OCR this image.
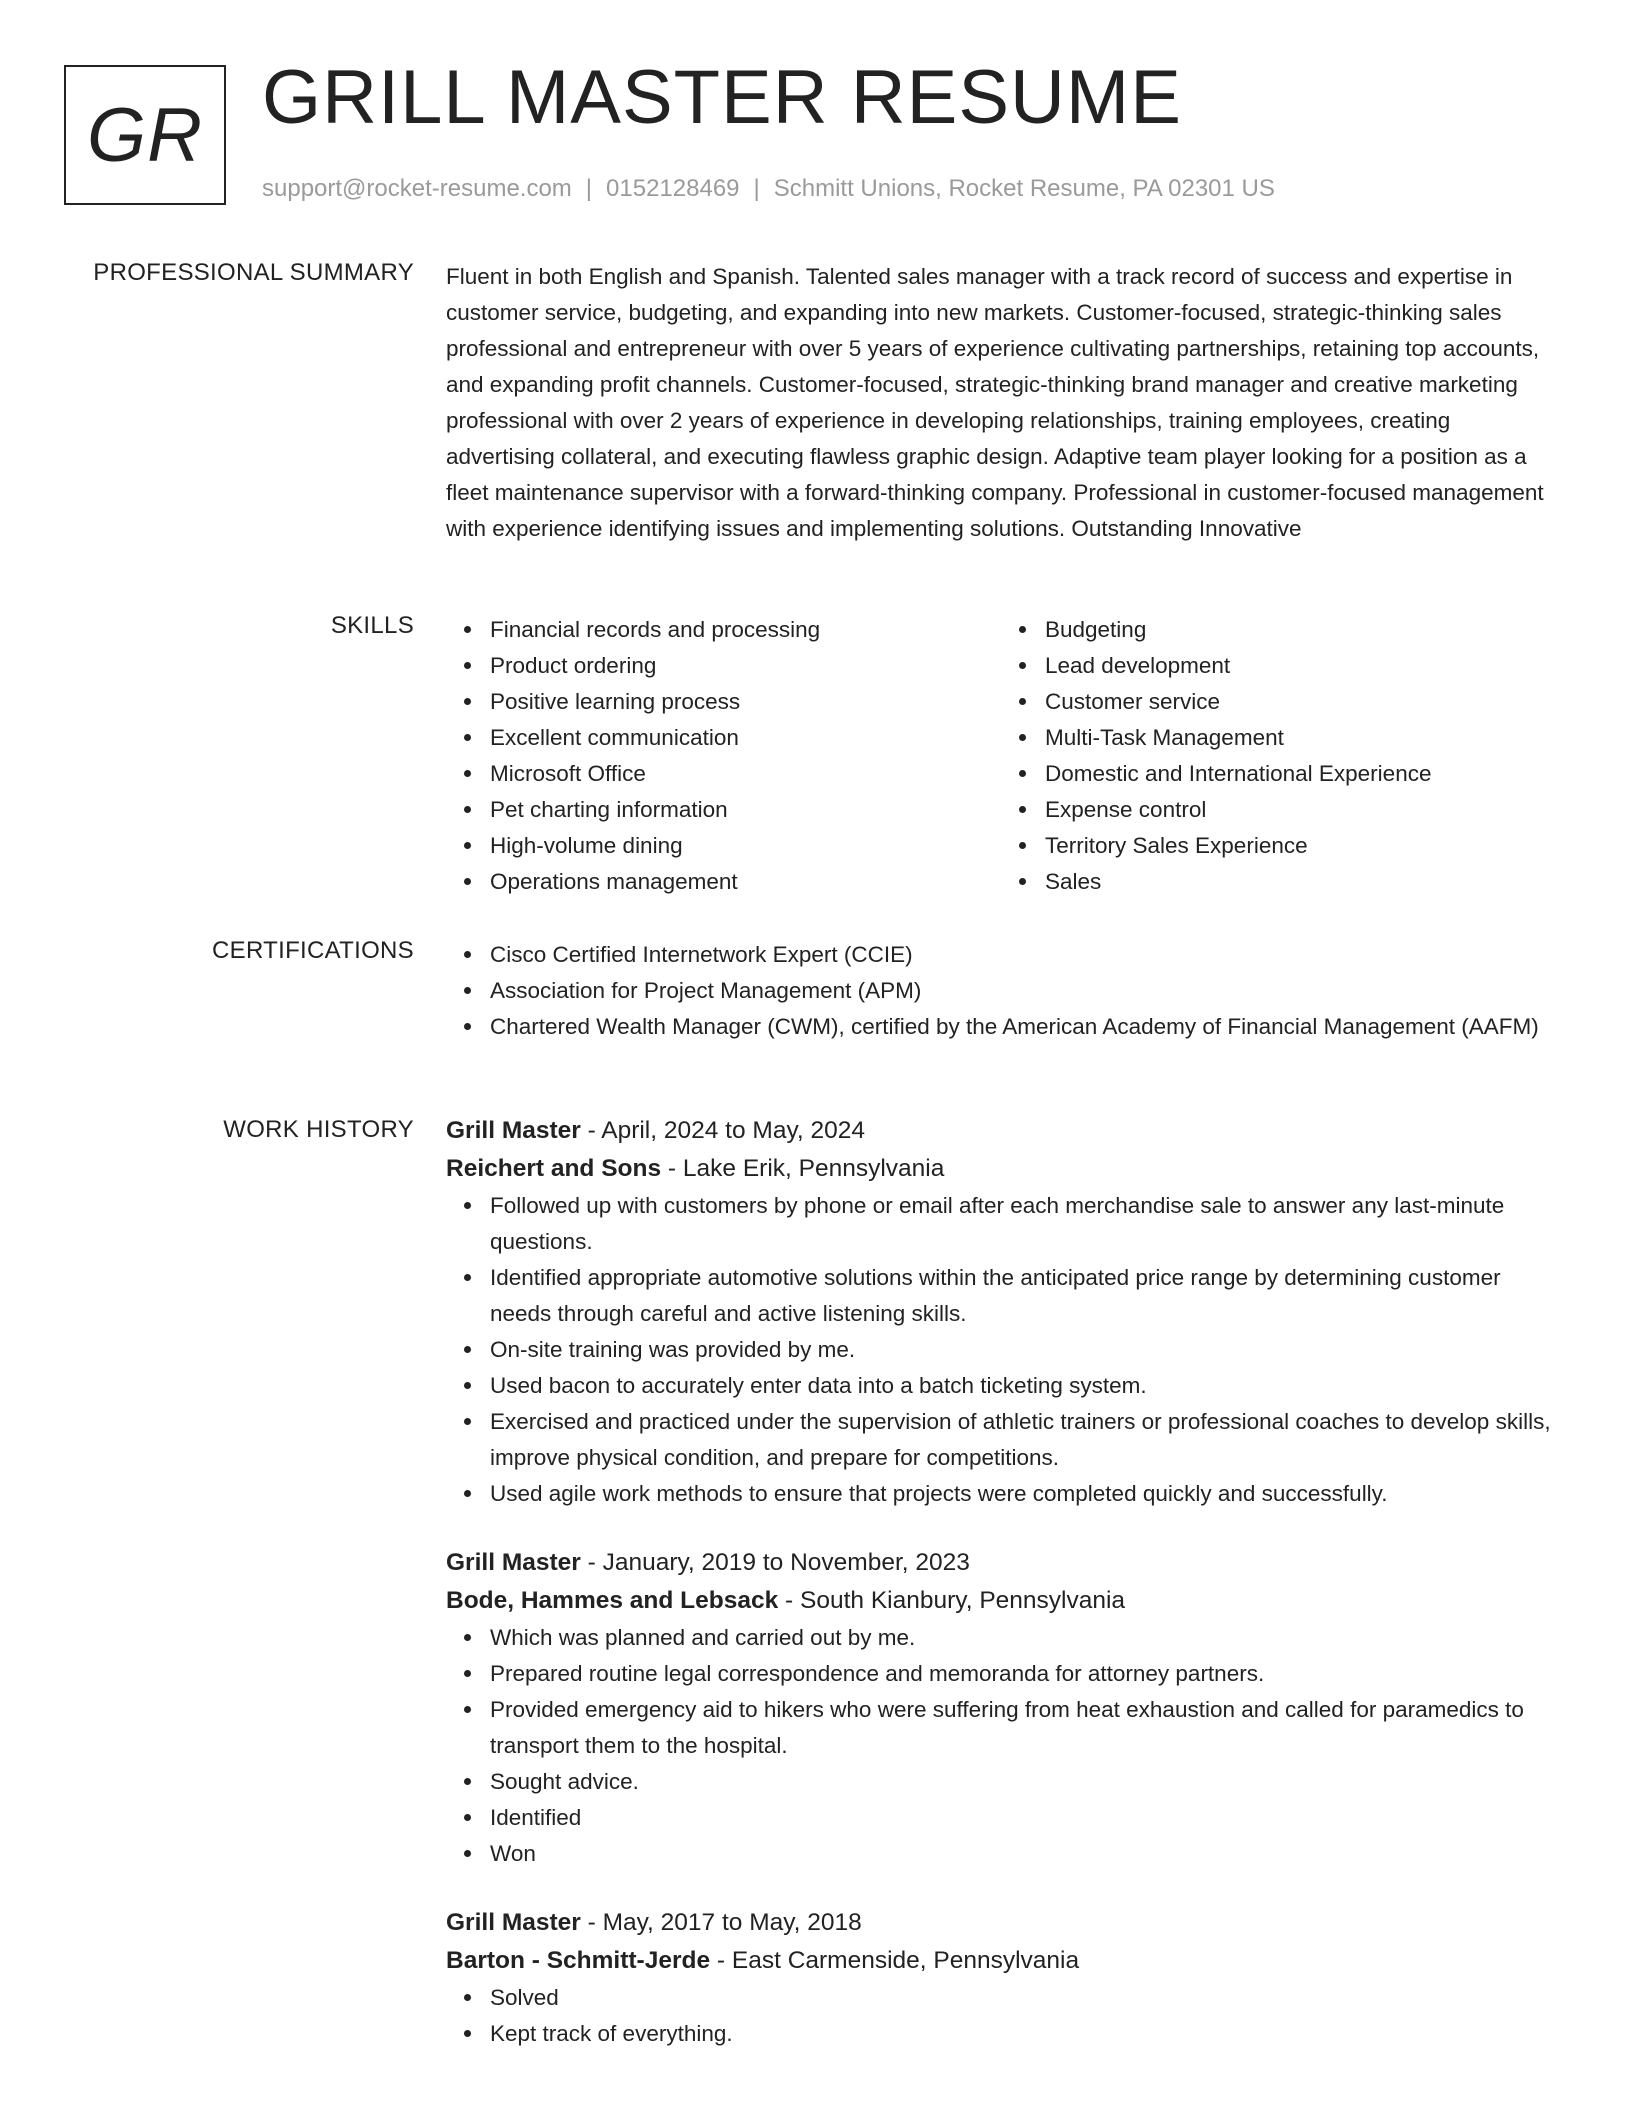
GR GRILL MASTER RESUME
support@rocket-resume.com | 0152128469 | Schmitt Unions, Rocket Resume, PA 02301 US
PROFESSIONAL SUMMARY Fluent in both English and Spanish. Talented sales manager with a track record of success and expertise in customer service, budgeting, and expanding into new markets. Customer-focused, strategic-thinking sales professional and entrepreneur with over 5 years of experience cultivating partnerships, retaining top accounts, and expanding profit channels. Customer-focused, strategic-thinking brand manager and creative marketing professional with over 2 years of experience in developing relationships, training employees, creating advertising collateral, and executing flawless graphic design. Adaptive team player looking for a position as a fleet maintenance supervisor with a forward-thinking company. Professional in customer-focused management with experience identifying issues and implementing solutions. Outstanding Innovative

SKILLS	Financial records and processing
Product ordering
Positive learning process
Excellent communication
Microsoft Office
Pet charting information
High-volume dining
Operations management
Budgeting
Lead development
Customer service
Multi-Task Management
Domestic and International Experience
Expense control
Territory Sales Experience
Sales
CERTIFICATIONS	Cisco Certified Internetwork Expert (CCIE)
Association for Project Management (APM)
Chartered Wealth Manager (CWM), certified by the American Academy of Financial Management (AAFM)
WORK HISTORY Grill Master - April, 2024 to May, 2024
Reichert and Sons - Lake Erik, Pennsylvania
Followed up with customers by phone or email after each merchandise sale to answer any last-minute questions.
Identified appropriate automotive solutions within the anticipated price range by determining customer needs through careful and active listening skills.
On-site training was provided by me.
Used bacon to accurately enter data into a batch ticketing system.
Exercised and practiced under the supervision of athletic trainers or professional coaches to develop skills, improve physical condition, and prepare for competitions.
Used agile work methods to ensure that projects were completed quickly and successfully.
Grill Master - January, 2019 to November, 2023
Bode, Hammes and Lebsack - South Kianbury, Pennsylvania
Which was planned and carried out by me.
Prepared routine legal correspondence and memoranda for attorney partners.
Provided emergency aid to hikers who were suffering from heat exhaustion and called for paramedics to transport them to the hospital.
Sought advice.
Identified
Won
Grill Master - May, 2017 to May, 2018
Barton - Schmitt-Jerde - East Carmenside, Pennsylvania
Solved
Kept track of everything.
